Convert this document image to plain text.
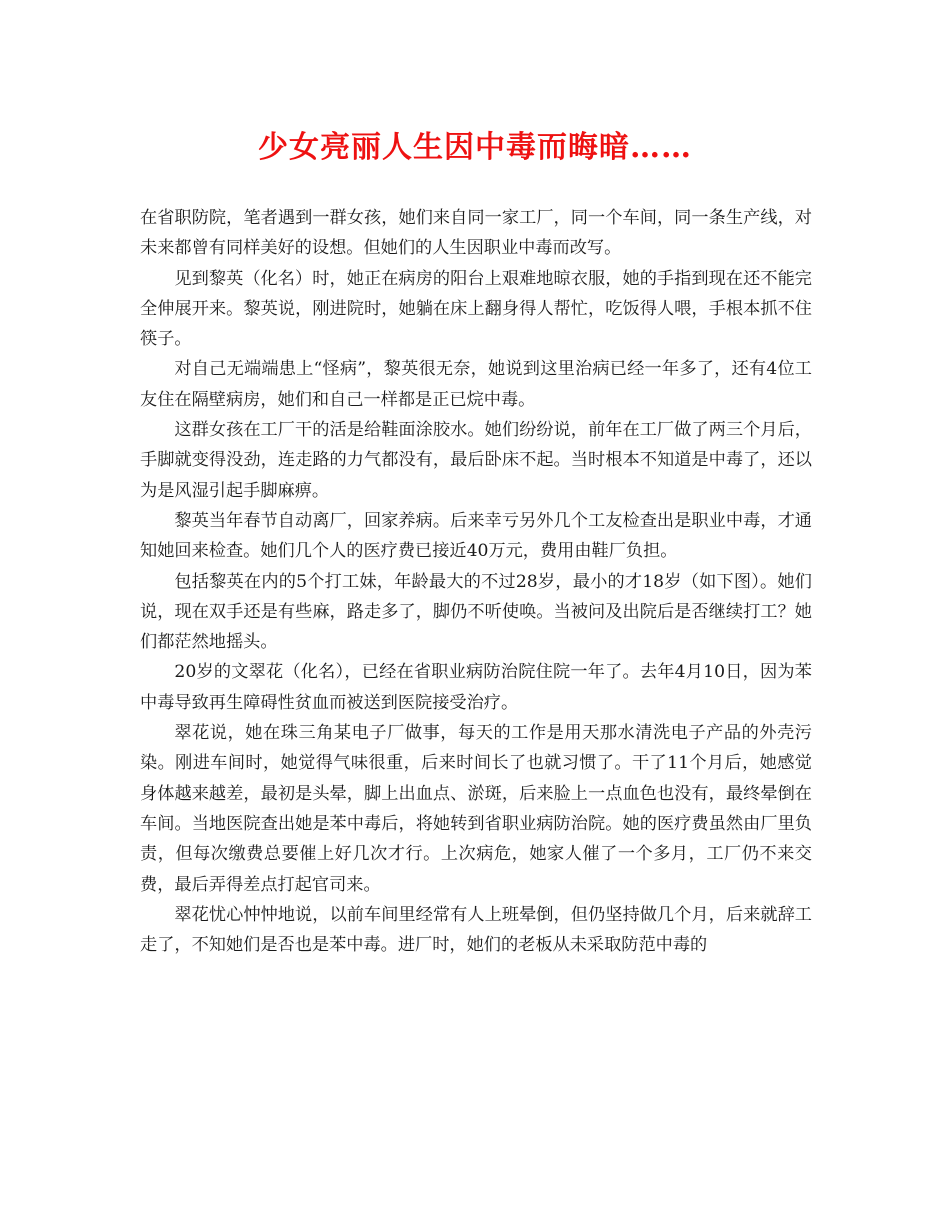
少女亮丽人生因中毒而晦暗……

在省职防院，笔者遇到一群女孩，她们来自同一家工厂，同一个车间，同一条生产线，对未来都曾有同样美好的设想。但她们的人生因职业中毒而改写。

见到黎英（化名）时，她正在病房的阳台上艰难地晾衣服，她的手指到现在还不能完全伸展开来。黎英说，刚进院时，她躺在床上翻身得人帮忙，吃饭得人喂，手根本抓不住筷子。

对自己无端端患上“怪病”，黎英很无奈，她说到这里治病已经一年多了，还有4位工友住在隔壁病房，她们和自己一样都是正已烷中毒。

这群女孩在工厂干的活是给鞋面涂胶水。她们纷纷说，前年在工厂做了两三个月后，手脚就变得没劲，连走路的力气都没有，最后卧床不起。当时根本不知道是中毒了，还以为是风湿引起手脚麻痹。

黎英当年春节自动离厂，回家养病。后来幸亏另外几个工友检查出是职业中毒，才通知她回来检查。她们几个人的医疗费已接近40万元，费用由鞋厂负担。

包括黎英在内的5个打工妹，年龄最大的不过28岁，最小的才18岁（如下图）。她们说，现在双手还是有些麻，路走多了，脚仍不听使唤。当被问及出院后是否继续打工？她们都茫然地摇头。

20岁的文翠花（化名），已经在省职业病防治院住院一年了。去年4月10日，因为苯中毒导致再生障碍性贫血而被送到医院接受治疗。

翠花说，她在珠三角某电子厂做事，每天的工作是用天那水清洗电子产品的外壳污染。刚进车间时，她觉得气味很重，后来时间长了也就习惯了。干了11个月后，她感觉身体越来越差，最初是头晕，脚上出血点、淤斑，后来脸上一点血色也没有，最终晕倒在车间。当地医院查出她是苯中毒后，将她转到省职业病防治院。她的医疗费虽然由厂里负责，但每次缴费总要催上好几次才行。上次病危，她家人催了一个多月，工厂仍不来交费，最后弄得差点打起官司来。

翠花忧心忡忡地说，以前车间里经常有人上班晕倒，但仍坚持做几个月，后来就辞工走了，不知她们是否也是苯中毒。进厂时，她们的老板从未采取防范中毒的
